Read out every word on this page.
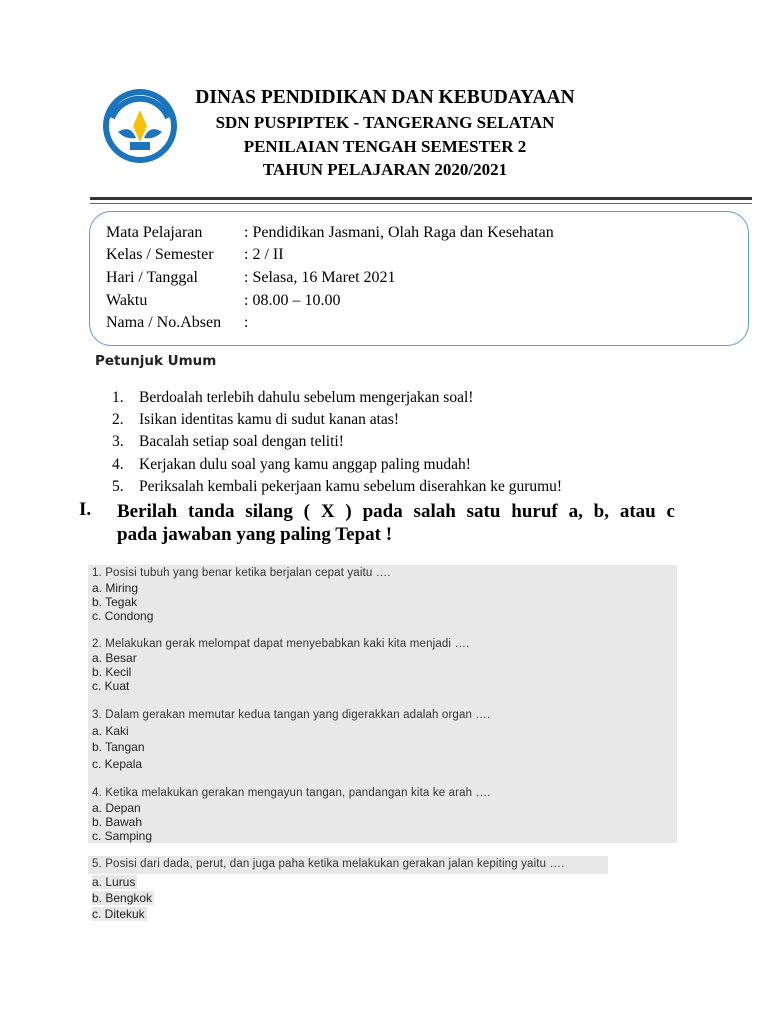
DINAS PENDIDIKAN DAN KEBUDAYAAN
SDN PUSPIPTEK - TANGERANG SELATAN
PENILAIAN TENGAH SEMESTER 2
TAHUN PELAJARAN 2020/2021
Mata Pelajaran	: Pendidikan Jasmani, Olah Raga dan Kesehatan
Kelas / Semester : 2 / II
Hari / Tanggal	: Selasa, 16 Maret 2021
Waktu	: 08.00 – 10.00
Nama / No.Absen :
Petunjuk Umum
1. Berdoalah terlebih dahulu sebelum mengerjakan soal!
2. Isikan identitas kamu di sudut kanan atas!
3. Bacalah setiap soal dengan teliti!
4. Kerjakan dulu soal yang kamu anggap paling mudah!
5. Periksalah kembali pekerjaan kamu sebelum diserahkan ke gurumu!
I. Berilah tanda silang ( X ) pada salah satu huruf a, b, atau c
pada jawaban yang paling Tepat !
1. Posisi tubuh yang benar ketika berjalan cepat yaitu ….
a. Miring
b. Tegak
c. Condong
2. Melakukan gerak melompat dapat menyebabkan kaki kita menjadi ….
a. Besar
b. Kecil
c. Kuat
3. Dalam gerakan memutar kedua tangan yang digerakkan adalah organ ….
a. Kaki
b. Tangan
c. Kepala
4. Ketika melakukan gerakan mengayun tangan, pandangan kita ke arah ….
a. Depan
b. Bawah
c. Samping
5. Posisi dari dada, perut, dan juga paha ketika melakukan gerakan jalan kepiting yaitu ….
a. Lurus
b. Bengkok
c. Ditekuk
